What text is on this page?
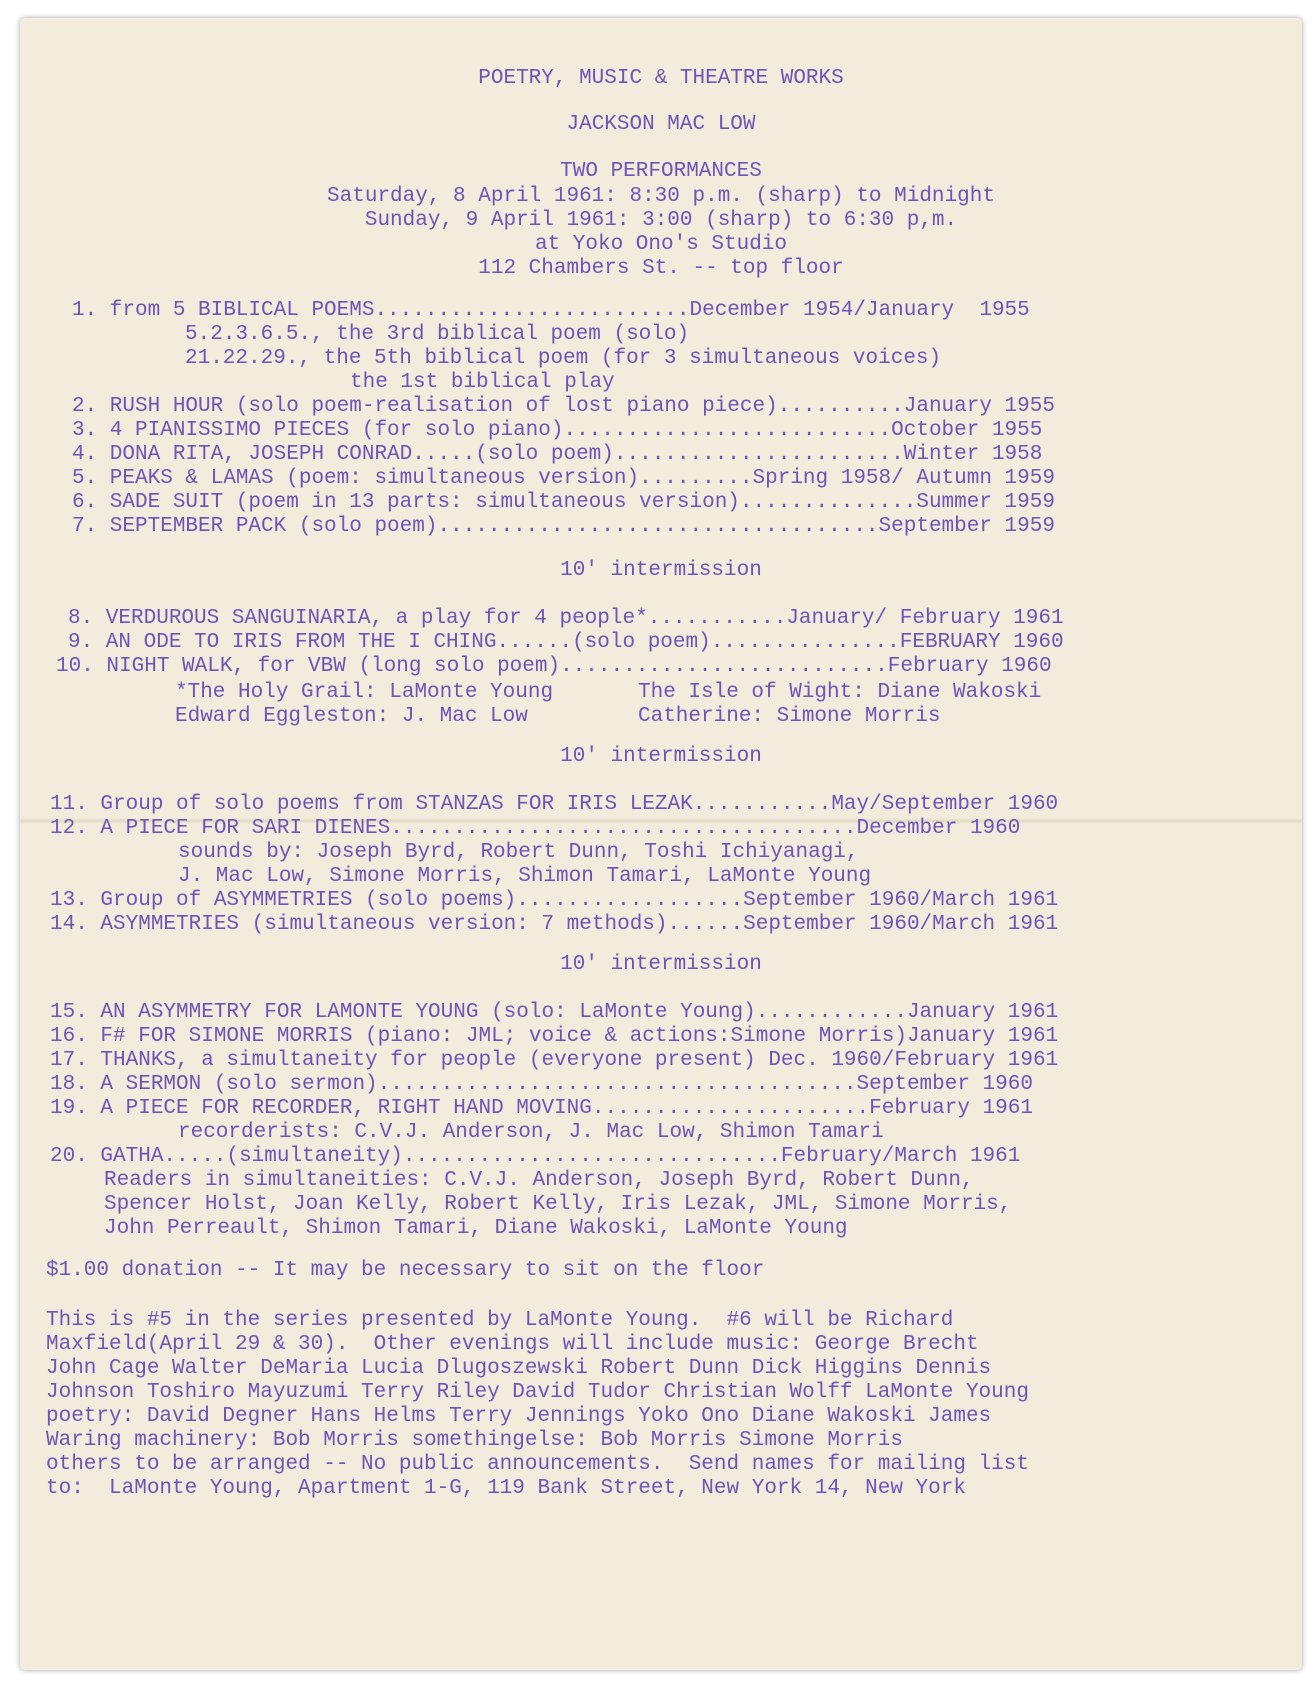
POETRY, MUSIC & THEATRE WORKS
JACKSON MAC LOW
TWO PERFORMANCES
Saturday, 8 April 1961: 8:30 p.m. (sharp) to Midnight
Sunday, 9 April 1961: 3:00 (sharp) to 6:30 p,m.
at Yoko Ono's Studio
112 Chambers St. -- top floor
1. from 5 BIBLICAL POEMS.........................December 1954/January  1955
5.2.3.6.5., the 3rd biblical poem (solo)
21.22.29., the 5th biblical poem (for 3 simultaneous voices)
the 1st biblical play
2. RUSH HOUR (solo poem-realisation of lost piano piece)..........January 1955
3. 4 PIANISSIMO PIECES (for solo piano)..........................October 1955
4. DONA RITA, JOSEPH CONRAD.....(solo poem).......................Winter 1958
5. PEAKS & LAMAS (poem: simultaneous version).........Spring 1958/ Autumn 1959
6. SADE SUIT (poem in 13 parts: simultaneous version)..............Summer 1959
7. SEPTEMBER PACK (solo poem)...................................September 1959
10' intermission
8. VERDUROUS SANGUINARIA, a play for 4 people*...........January/ February 1961
9. AN ODE TO IRIS FROM THE I CHING......(solo poem)...............FEBRUARY 1960
10. NIGHT WALK, for VBW (long solo poem)..........................February 1960
*The Holy Grail: LaMonte Young	The Isle of Wight: Diane Wakoski
Edward Eggleston: J. Mac Low	Catherine: Simone Morris
10' intermission
11. Group of solo poems from STANZAS FOR IRIS LEZAK...........May/September 1960
12. A PIECE FOR SARI DIENES.....................................December 1960
sounds by: Joseph Byrd, Robert Dunn, Toshi Ichiyanagi,
J. Mac Low, Simone Morris, Shimon Tamari, LaMonte Young
13. Group of ASYMMETRIES (solo poems)..................September 1960/March 1961
14. ASYMMETRIES (simultaneous version: 7 methods)......September 1960/March 1961
10' intermission
15. AN ASYMMETRY FOR LAMONTE YOUNG (solo: LaMonte Young)............January 1961
16. F# FOR SIMONE MORRIS (piano: JML; voice & actions:Simone Morris)January 1961
17. THANKS, a simultaneity for people (everyone present) Dec. 1960/February 1961
18. A SERMON (solo sermon)......................................September 1960
19. A PIECE FOR RECORDER, RIGHT HAND MOVING......................February 1961
recorderists: C.V.J. Anderson, J. Mac Low, Shimon Tamari
20. GATHA.....(simultaneity)..............................February/March 1961
Readers in simultaneities: C.V.J. Anderson, Joseph Byrd, Robert Dunn,
Spencer Holst, Joan Kelly, Robert Kelly, Iris Lezak, JML, Simone Morris,
John Perreault, Shimon Tamari, Diane Wakoski, LaMonte Young
$1.00 donation -- It may be necessary to sit on the floor
This is #5 in the series presented by LaMonte Young.  #6 will be Richard
Maxfield(April 29 & 30).  Other evenings will include music: George Brecht
John Cage Walter DeMaria Lucia Dlugoszewski Robert Dunn Dick Higgins Dennis
Johnson Toshiro Mayuzumi Terry Riley David Tudor Christian Wolff LaMonte Young
poetry: David Degner Hans Helms Terry Jennings Yoko Ono Diane Wakoski James
Waring machinery: Bob Morris somethingelse: Bob Morris Simone Morris
others to be arranged -- No public announcements.  Send names for mailing list
to:  LaMonte Young, Apartment 1-G, 119 Bank Street, New York 14, New York
